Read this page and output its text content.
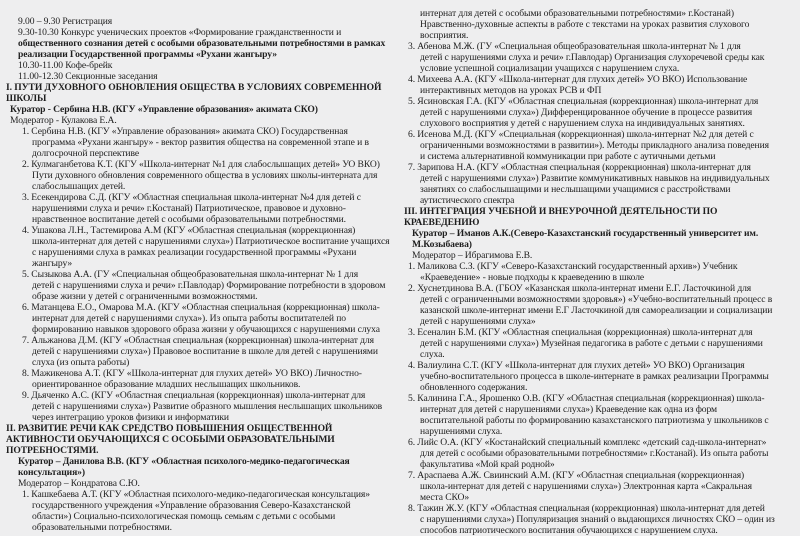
9.00 – 9.30 Регистрация
9.30-10.30 Конкурс ученических проектов «Формирование гражданственности и
общественного сознания детей с особыми образовательными потребностями в рамках
реализации Государственной программы «Рухани жангыру»
10.30-11.00 Кофе-брейк
11.00-12.30 Секционные заседания
I. ПУТИ ДУХОВНОГО ОБНОВЛЕНИЯ ОБЩЕСТВА В УСЛОВИЯХ СОВРЕМЕННОЙ
ШКОЛЫ
Куратор - Сербина Н.В. (КГУ «Управление образования» акимата СКО)
Модератор - Кулакова Е.А.
1. Сербина Н.В. (КГУ «Управление образования» акимата СКО) Государственная
программа «Рухани жангыру» - вектор развития общества на современной этапе и в
долгосрочной перспективе
2. Кулмаганбетова К.Т. (КГУ «Школа-интернат №1 для слабослышащих детей» УО ВКО)
Пути духовного обновления современного общества в условиях школы-интерната для
слабослышащих детей.
3. Есекендирова С.Д. (КГУ «Областная специальная школа-интернат №4 для детей с
нарушениями слуха и речи» г.Костанай) Патриотическое, правовое и духовно-
нравственное воспитание детей с особыми образовательными потребностями.
4. Ушакова Л.Н., Тастемирова А.М (КГУ «Областная специальная (коррекционная)
школа-интернат для детей с нарушениями слуха») Патриотическое воспитание учащихся
с нарушениями слуха в рамках реализации государственной программы «Рухани
жангыру»
5. Сызыкова А.А. (ГУ «Специальная общеобразовательная школа-интернат № 1 для
детей с нарушениями слуха и речи» г.Павлодар) Формирование потребности в здоровом
образе жизни у детей с ограниченными возможностями.
6. Матанцева Е.О., Омарова М.А. (КГУ «Областная специальная (коррекционная) школа-
интернат для детей с нарушениями слуха»). Из опыта работы воспитателей по
формированию навыков здорового образа жизни у обучающихся с нарушениями слуха
7. Альжанова Д.М. (КГУ «Областная специальная (коррекционная) школа-интернат для
детей с нарушениями слуха») Правовое воспитание в школе для детей с нарушениями
слуха (из опыта работы)
8. Мажикенова А.Т. (КГУ «Школа-интернат для глухих детей» УО ВКО) Личностно-
ориентированное образование младших неслышащих школьников.
9. Дьяченко А.С. (КГУ «Областная специальная (коррекционная) школа-интернат для
детей с нарушениями слуха») Развитие образного мышления неслышащих школьников
через интеграцию уроков физики и информатики
II. РАЗВИТИЕ РЕЧИ КАК СРЕДСТВО ПОВЫШЕНИЯ ОБЩЕСТВЕННОЙ
АКТИВНОСТИ ОБУЧАЮЩИХСЯ С ОСОБЫМИ ОБРАЗОВАТЕЛЬНЫМИ
ПОТРЕБНОСТЯМИ.
Куратор – Данилова В.В. (КГУ «Областная психолого-медико-педагогическая
консультация»)
Модератор – Кондратова С.Ю.
1. Кашкебаева А.Т. (КГУ «Областная психолого-медико-педагогическая консультация»
государственного учреждения «Управление образования Северо-Казахстанской
области») Социально-психологическая помощь семьям с детьми с особыми
образовательными потребностями.
интернат для детей с особыми образовательными потребностями» г.Костанай)
Нравственно-духовные аспекты в работе с текстами на уроках развития слухового
восприятия.
3. Абенова М.Ж. (ГУ «Специальная общеобразовательная школа-интернат № 1 для
детей с нарушениями слуха и речи» г.Павлодар) Организация слухоречевой среды как
условие успешной социализации учащихся с нарушением слуха.
4. Михеева А.А. (КГУ «Школа-интернат для глухих детей» УО ВКО) Использование
интерактивных методов на уроках РСВ и ФП
5. Ясиновская Г.А. (КГУ «Областная специальная (коррекционная) школа-интернат для
детей с нарушениями слуха») Дифференцированное обучение в процессе развития
слухового восприятия у детей с нарушением слуха на индивидуальных занятиях.
6. Исенова М.Д. (КГУ «Специальная (коррекционная) школа-интернат №2 для детей с
ограниченными возможностями в развитии»). Методы прикладного анализа поведения
и система альтернативной коммуникации при работе с аутичными детьми
7. Зарипова Н.А. (КГУ «Областная специальная (коррекционная) школа-интернат для
детей с нарушениями слуха») Развитие коммуникативных навыков на индивидуальных
занятиях со слабослышащими и неслышащими учащимися с расстройствами
аутистического спектра
III. ИНТЕГРАЦИЯ УЧЕБНОЙ И ВНЕУРОЧНОЙ ДЕЯТЕЛЬНОСТИ ПО
КРАЕВЕДЕНИЮ
Куратор – Иманов А.К.(Северо-Казахстанский государственный университет им.
М.Козыбаева)
Модератор – Ибрагимова Е.В.
1. Маликова С.З. (КГУ «Северо-Казахстанский государственный архив») Учебник
«Краеведение» - новые подходы к краеведению в школе
2. Хуснетдинова В.А. (ГБОУ «Казанская школа-интернат имени Е.Г. Ласточкиной для
детей с ограниченными возможностями здоровья») «Учебно-воспитательный процесс в
казанской школе-интернат имени Е.Г Ласточкиной для самореализации и социализации
детей с нарушениями слуха»
3. Есеналин Б.М. (КГУ «Областная специальная (коррекционная) школа-интернат для
детей с нарушениями слуха») Музейная педагогика в работе с детьми с нарушениями
слуха.
4. Валиулина С.Т. (КГУ «Школа-интернат для глухих детей» УО ВКО) Организация
учебно-воспитательного процесса в школе-интернате в рамках реализации Программы
обновленного содержания.
5. Калинина Г.А., Ярошенко О.В. (КГУ «Областная специальная (коррекционная) школа-
интернат для детей с нарушениями слуха») Краеведение как одна из форм
воспитательной работы по формированию казахстанского патриотизма у школьников с
нарушениями слуха.
6. Лийс О.А. (КГУ «Костанайский специальный комплекс «детский сад-школа-интернат»
для детей с особыми образовательными потребностями» г.Костанай). Из опыта работы
факультатива «Мой край родной»
7. Араспаева А.Ж. Свиинский А.М. (КГУ «Областная специальная (коррекционная)
школа-интернат для детей с нарушениями слуха») Электронная карта «Сакральная
места СКО»
8. Тажин Ж.У. (КГУ «Областная специальная (коррекционная) школа-интернат для детей
с нарушениями слуха») Популяризация знаний о выдающихся личностях СКО – один из
способов патриотического воспитания обучающихся с нарушением слуха.
